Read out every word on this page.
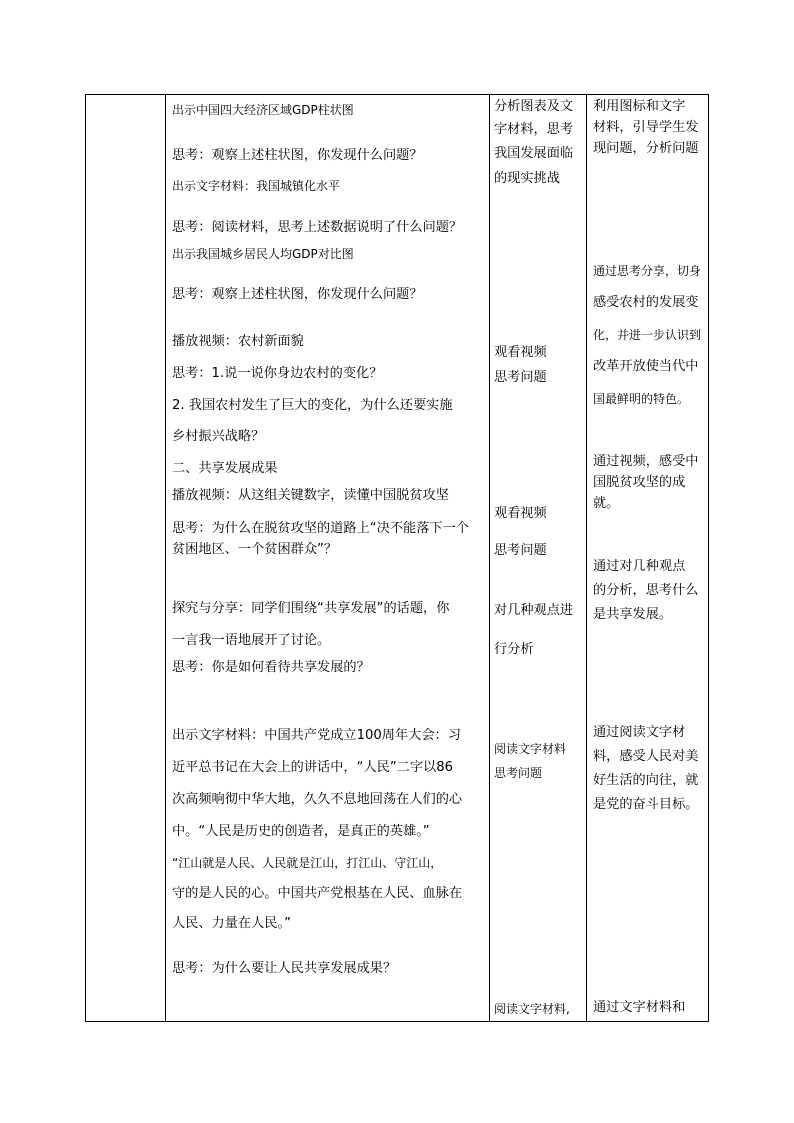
出示中国四大经济区域GDP柱状图
思考：观察上述柱状图，你发现什么问题？
出示文字材料：我国城镇化水平
思考：阅读材料，思考上述数据说明了什么问题？
出示我国城乡居民人均GDP对比图
思考：观察上述柱状图，你发现什么问题？
播放视频：农村新面貌
思考：1.说一说你身边农村的变化？
2. 我国农村发生了巨大的变化，为什么还要实施
乡村振兴战略？
二、共享发展成果
播放视频：从这组关键数字，读懂中国脱贫攻坚
思考：为什么在脱贫攻坚的道路上“决不能落下一个
贫困地区、一个贫困群众”？
探究与分享：同学们围绕“共享发展”的话题，你
一言我一语地展开了讨论。
思考：你是如何看待共享发展的？
出示文字材料：中国共产党成立100周年大会：习
近平总书记在大会上的讲话中，“人民”二字以86
次高频响彻中华大地，久久不息地回荡在人们的心
中。“人民是历史的创造者，是真正的英雄。”
“江山就是人民、人民就是江山，打江山、守江山，
守的是人民的心。中国共产党根基在人民、血脉在
人民、力量在人民。”
思考：为什么要让人民共享发展成果？
分析图表及文
字材料，思考
我国发展面临
的现实挑战
观看视频
思考问题
观看视频
思考问题
对几种观点进
行分析
阅读文字材料
思考问题
阅读文字材料,
利用图标和文字
材料，引导学生发
现问题，分析问题
通过思考分享，切身
感受农村的发展变
化，并进一步认识到
改革开放使当代中
国最鲜明的特色。
通过视频，感受中
国脱贫攻坚的成
就。
通过对几种观点
的分析，思考什么
是共享发展。
通过阅读文字材
料，感受人民对美
好生活的向往，就
是党的奋斗目标。
通过文字材料和
